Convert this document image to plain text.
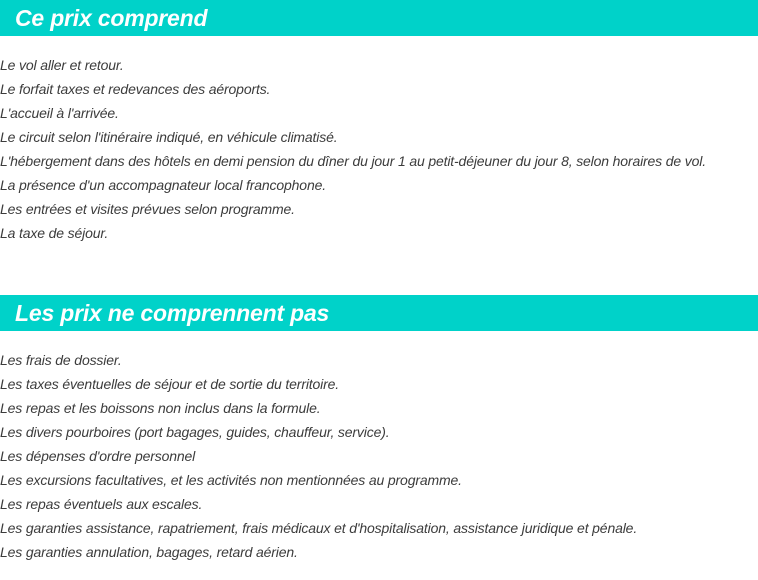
Ce prix comprend
Le vol aller et retour.
Le forfait taxes et redevances des aéroports.
L'accueil à l'arrivée.
Le circuit selon l'itinéraire indiqué, en véhicule climatisé.
L'hébergement dans des hôtels en demi pension du dîner du jour 1 au petit-déjeuner du jour 8, selon horaires de vol.
La présence d'un accompagnateur local francophone.
Les entrées et visites prévues selon programme.
La taxe de séjour.
Les prix ne comprennent pas
Les frais de dossier.
Les taxes éventuelles de séjour et de sortie du territoire.
Les repas et les boissons non inclus dans la formule.
Les divers pourboires (port bagages, guides, chauffeur, service).
Les dépenses d'ordre personnel
Les excursions facultatives, et les activités non mentionnées au programme.
Les repas éventuels aux escales.
Les garanties assistance, rapatriement, frais médicaux et d'hospitalisation, assistance juridique et pénale.
Les garanties annulation, bagages, retard aérien.
